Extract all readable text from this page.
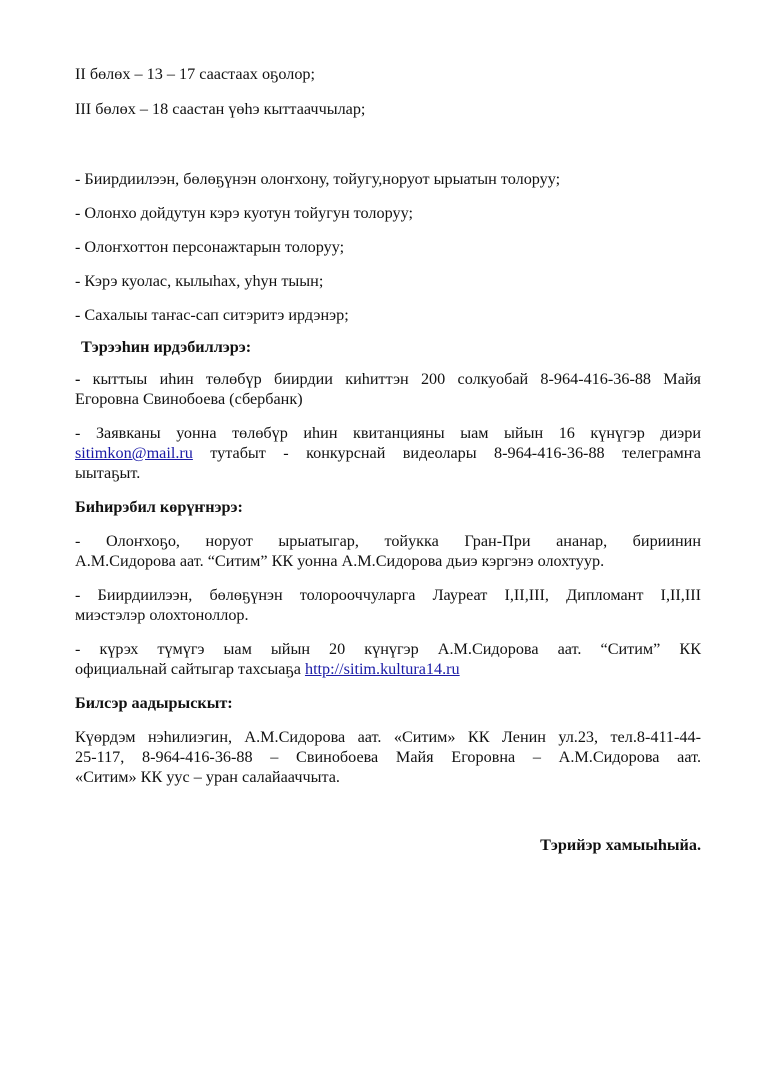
II бөлөх – 13 – 17 саастаах оҕолор;
III бөлөх – 18 саастан үөһэ кыттааччылар;
- Биирдиилээн, бөлөҕүнэн олоҥхону, тойугу,норуот ырыатын толоруу;
- Олонхо дойдутун кэрэ куотун тойугун толоруу;
- Олоҥхоттон персонажтарын толоруу;
- Кэрэ куолас, кылыһах, уһун тыын;
- Сахалыы таҥас-сап ситэритэ ирдэнэр;
Тэрээһин ирдэбиллэрэ:
- кыттыы иһин төлөбүр биирдии киһиттэн 200 солкуобай 8-964-416-36-88 Майя
Егоровна Свинобоева (сбербанк)
- Заявканы уонна төлөбүр иһин квитанцияны ыам ыйын 16 күнүгэр диэри
sitimkon@mail.ru тутабыт - конкурснай видеолары 8-964-416-36-88 телеграмҥа
ыытаҕыт.
Биһирэбил көрүҥнэрэ:
- Олоҥхоҕо, норуот ырыатыгар, тойукка Гран-При ананар, бириинин
А.М.Сидорова аат. “Ситим” КК уонна А.М.Сидорова дьиэ кэргэнэ олохтуур.
- Биирдиилээн, бөлөҕүнэн толорооччуларга Лауреат I,II,III, Дипломант I,II,III
миэстэлэр олохтоноллор.
- күрэх түмүгэ ыам ыйын 20 күнүгэр А.М.Сидорова аат. “Ситим” КК
официальнай сайтыгар тахсыаҕа http://sitim.kultura14.ru
Билсэр аадырыскыт:
Күөрдэм нэһилиэгин, А.М.Сидорова аат. «Ситим» КК Ленин ул.23, тел.8-411-44-
25-117, 8-964-416-36-88 – Свинобоева Майя Егоровна – А.М.Сидорова аат.
«Ситим» КК уус – уран салайааччыта.
Тэрийэр хамыыһыйа.
